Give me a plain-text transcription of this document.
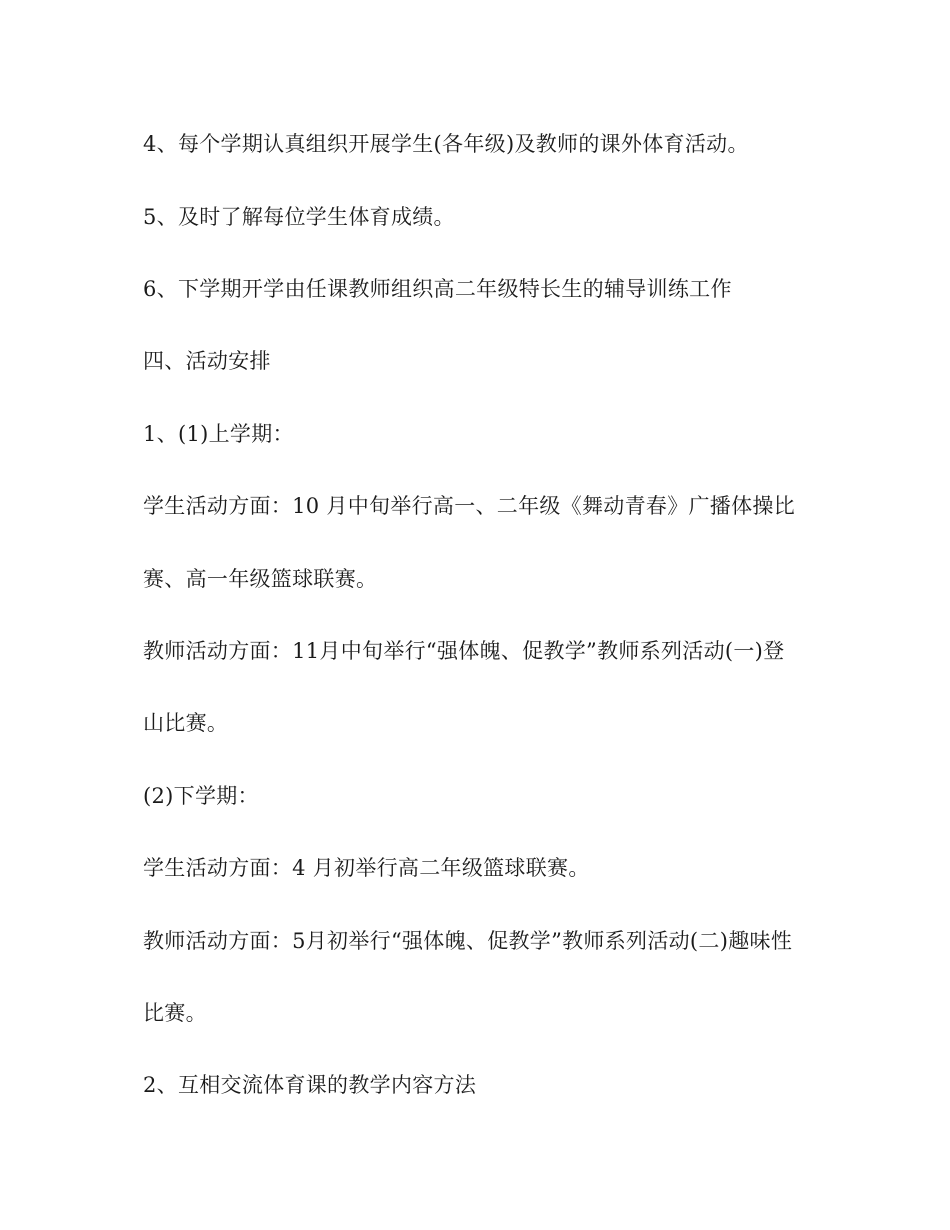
4、每个学期认真组织开展学生(各年级)及教师的课外体育活动。
5、及时了解每位学生体育成绩。
6、下学期开学由任课教师组织高二年级特长生的辅导训练工作
四、活动安排
1、(1)上学期：
学生活动方面：10 月中旬举行高一、二年级《舞动青春》广播体操比
赛、高一年级篮球联赛。
教师活动方面：11月中旬举行“强体魄、促教学”教师系列活动(一)登
山比赛。
(2)下学期：
学生活动方面：4 月初举行高二年级篮球联赛。
教师活动方面：5月初举行“强体魄、促教学”教师系列活动(二)趣味性
比赛。
2、互相交流体育课的教学内容方法
